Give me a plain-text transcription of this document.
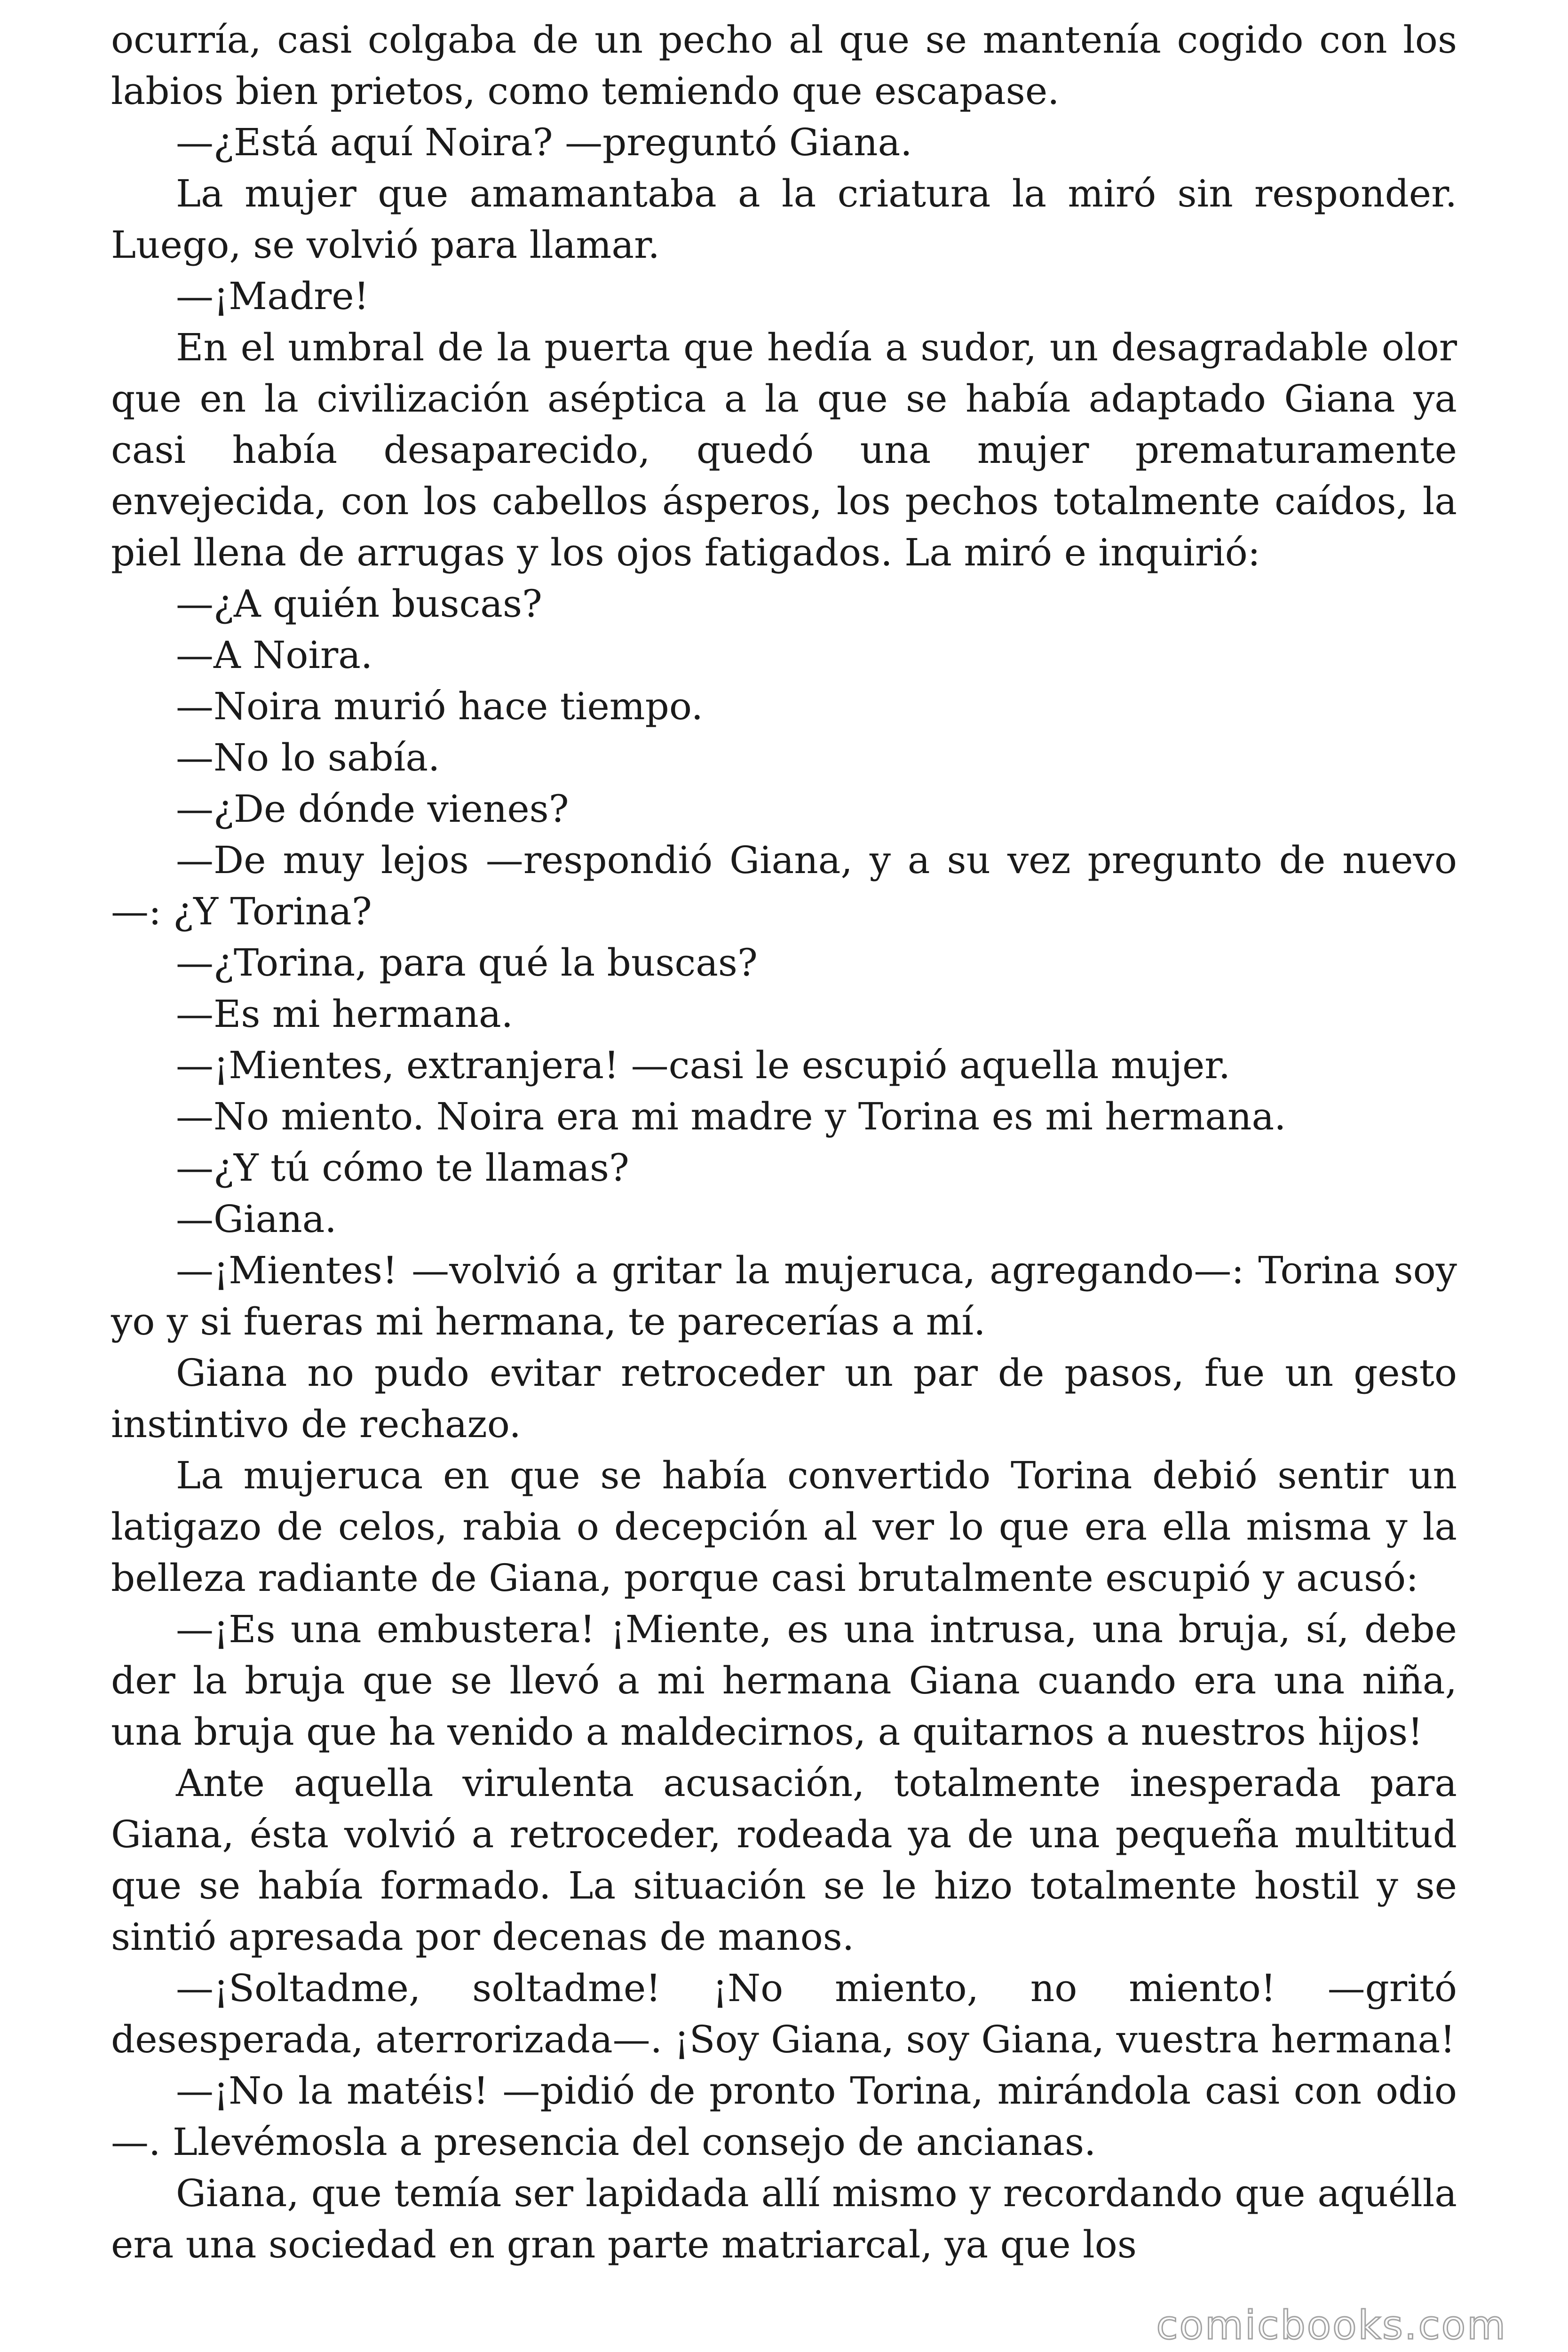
ocurría, casi colgaba de un pecho al que se mantenía cogido con los labios bien prietos, como temiendo que escapase.

—¿Está aquí Noira? —preguntó Giana.

La mujer que amamantaba a la criatura la miró sin responder. Luego, se volvió para llamar.

—¡Madre!

En el umbral de la puerta que hedía a sudor, un desagradable olor que en la civilización aséptica a la que se había adaptado Giana ya casi había desaparecido, quedó una mujer prematuramente envejecida, con los cabellos ásperos, los pechos totalmente caídos, la piel llena de arrugas y los ojos fatigados. La miró e inquirió:

—¿A quién buscas?

—A Noira.

—Noira murió hace tiempo.

—No lo sabía.

—¿De dónde vienes?

—De muy lejos —respondió Giana, y a su vez pregunto de nuevo —: ¿Y Torina?

—¿Torina, para qué la buscas?

—Es mi hermana.

—¡Mientes, extranjera! —casi le escupió aquella mujer.

—No miento. Noira era mi madre y Torina es mi hermana.

—¿Y tú cómo te llamas?

—Giana.

—¡Mientes! —volvió a gritar la mujeruca, agregando—: Torina soy yo y si fueras mi hermana, te parecerías a mí.

Giana no pudo evitar retroceder un par de pasos, fue un gesto instintivo de rechazo.

La mujeruca en que se había convertido Torina debió sentir un latigazo de celos, rabia o decepción al ver lo que era ella misma y la belleza radiante de Giana, porque casi brutalmente escupió y acusó:

—¡Es una embustera! ¡Miente, es una intrusa, una bruja, sí, debe der la bruja que se llevó a mi hermana Giana cuando era una niña, una bruja que ha venido a maldecirnos, a quitarnos a nuestros hijos!

Ante aquella virulenta acusación, totalmente inesperada para Giana, ésta volvió a retroceder, rodeada ya de una pequeña multitud que se había formado. La situación se le hizo totalmente hostil y se sintió apresada por decenas de manos.

—¡Soltadme, soltadme! ¡No miento, no miento! —gritó desesperada, aterrorizada—. ¡Soy Giana, soy Giana, vuestra hermana!

—¡No la matéis! —pidió de pronto Torina, mirándola casi con odio—. Llevémosla a presencia del consejo de ancianas.

Giana, que temía ser lapidada allí mismo y recordando que aquélla era una sociedad en gran parte matriarcal, ya que los

comicbooks.com
